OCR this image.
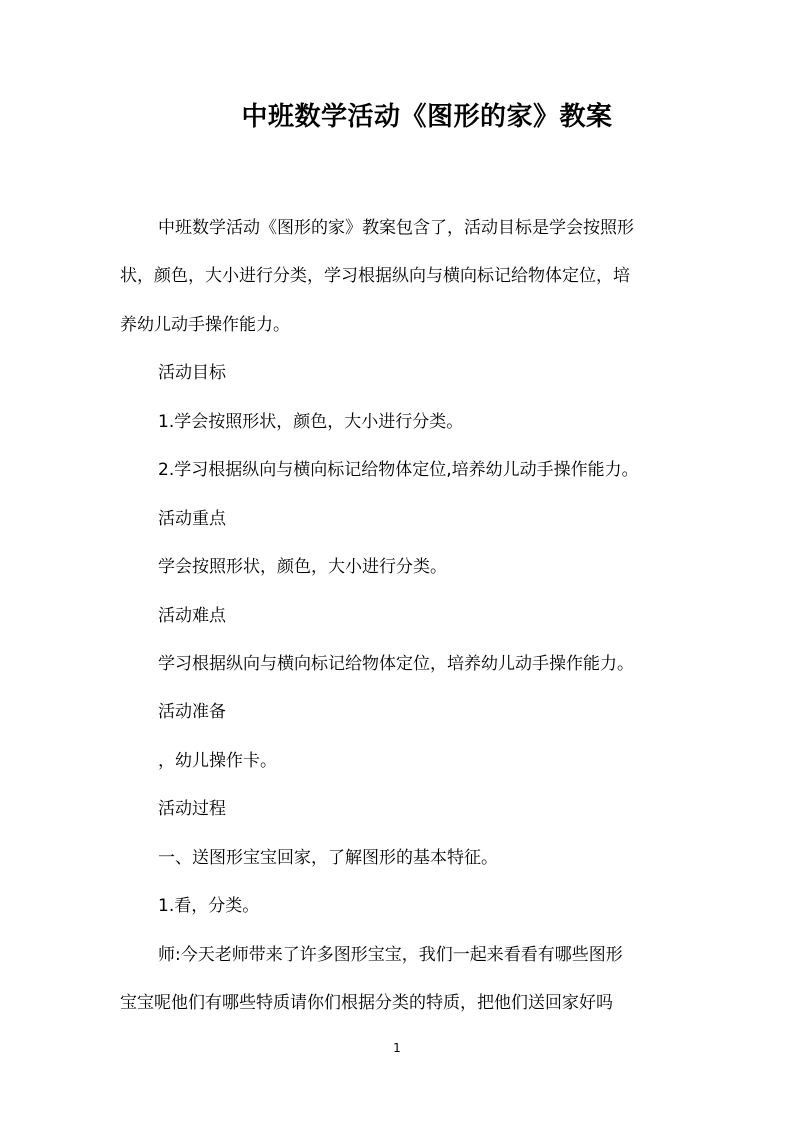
中班数学活动《图形的家》教案
中班数学活动《图形的家》教案包含了，活动目标是学会按照形
状，颜色，大小进行分类，学习根据纵向与横向标记给物体定位，培
养幼儿动手操作能力。
活动目标
1.学会按照形状，颜色，大小进行分类。
2.学习根据纵向与横向标记给物体定位,培养幼儿动手操作能力。
活动重点
学会按照形状，颜色，大小进行分类。
活动难点
学习根据纵向与横向标记给物体定位，培养幼儿动手操作能力。
活动准备
，幼儿操作卡。
活动过程
一、送图形宝宝回家，了解图形的基本特征。
1.看，分类。
师:今天老师带来了许多图形宝宝，我们一起来看看有哪些图形
宝宝呢他们有哪些特质请你们根据分类的特质，把他们送回家好吗
1
